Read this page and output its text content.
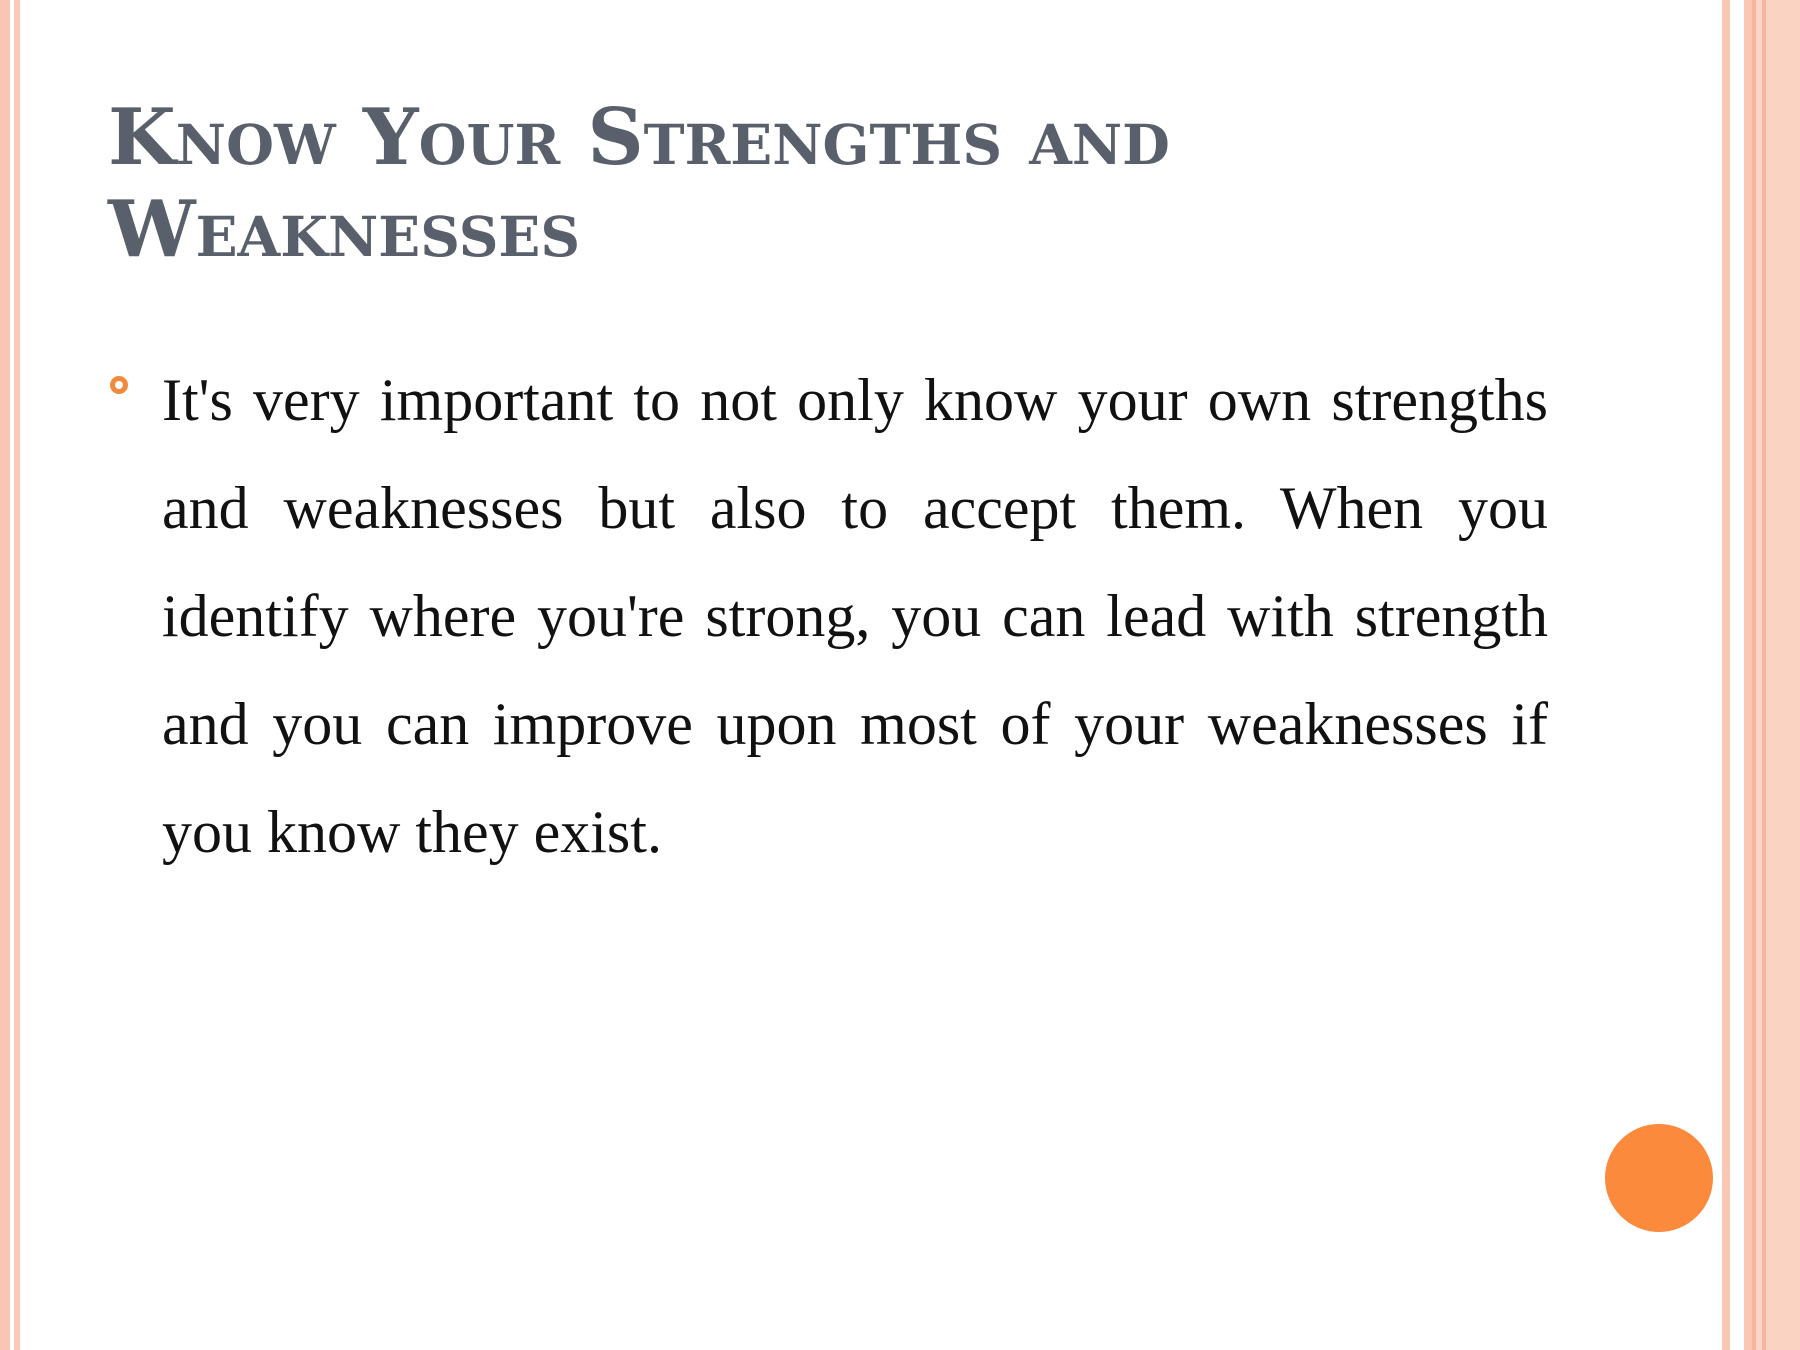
Know Your Strengths and Weaknesses

It's very important to not only know your own strengths and weaknesses but also to accept them. When you identify where you're strong, you can lead with strength and you can improve upon most of your weaknesses if you know they exist.
